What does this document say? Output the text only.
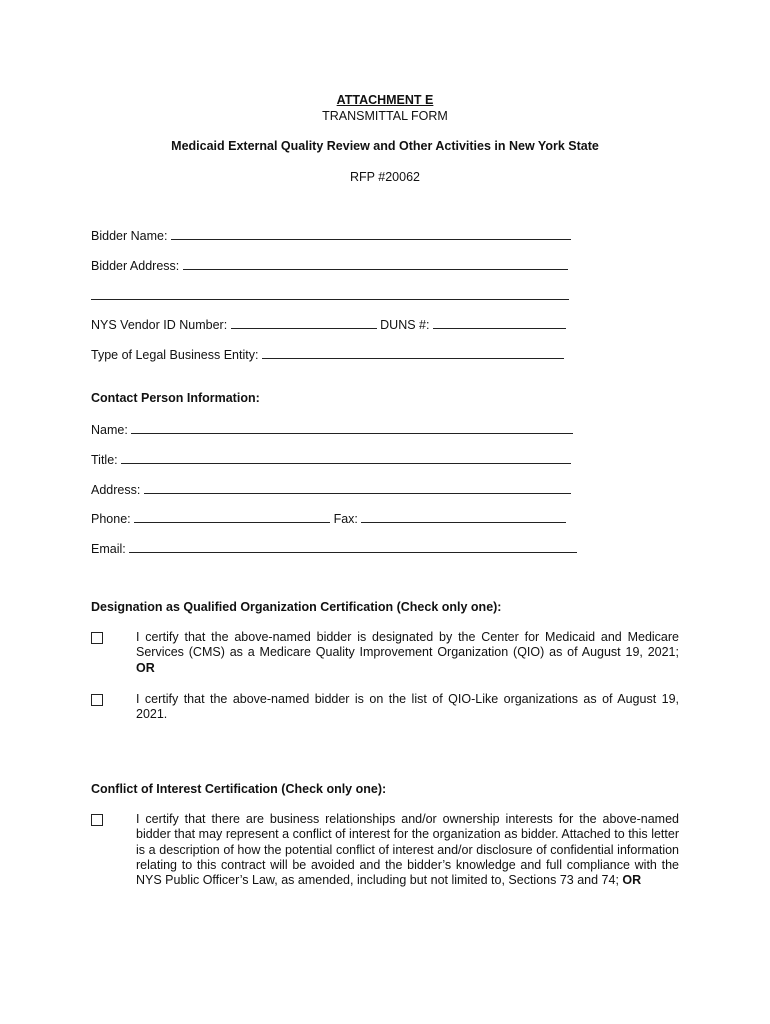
ATTACHMENT E
TRANSMITTAL FORM
Medicaid External Quality Review and Other Activities in New York State
RFP #20062
Bidder Name:
Bidder Address:
NYS Vendor ID Number:	DUNS #:
Type of Legal Business Entity:
Contact Person Information:
Name:
Title:
Address:
Phone:	Fax:
Email:
Designation as Qualified Organization Certification (Check only one):
I certify that the above-named bidder is designated by the Center for Medicaid and Medicare Services (CMS) as a Medicare Quality Improvement Organization (QIO) as of August 19, 2021; OR
I certify that the above-named bidder is on the list of QIO-Like organizations as of August 19, 2021.
Conflict of Interest Certification (Check only one):
I certify that there are business relationships and/or ownership interests for the above-named bidder that may represent a conflict of interest for the organization as bidder. Attached to this letter is a description of how the potential conflict of interest and/or disclosure of confidential information relating to this contract will be avoided and the bidder’s knowledge and full compliance with the NYS Public Officer’s Law, as amended, including but not limited to, Sections 73 and 74; OR
